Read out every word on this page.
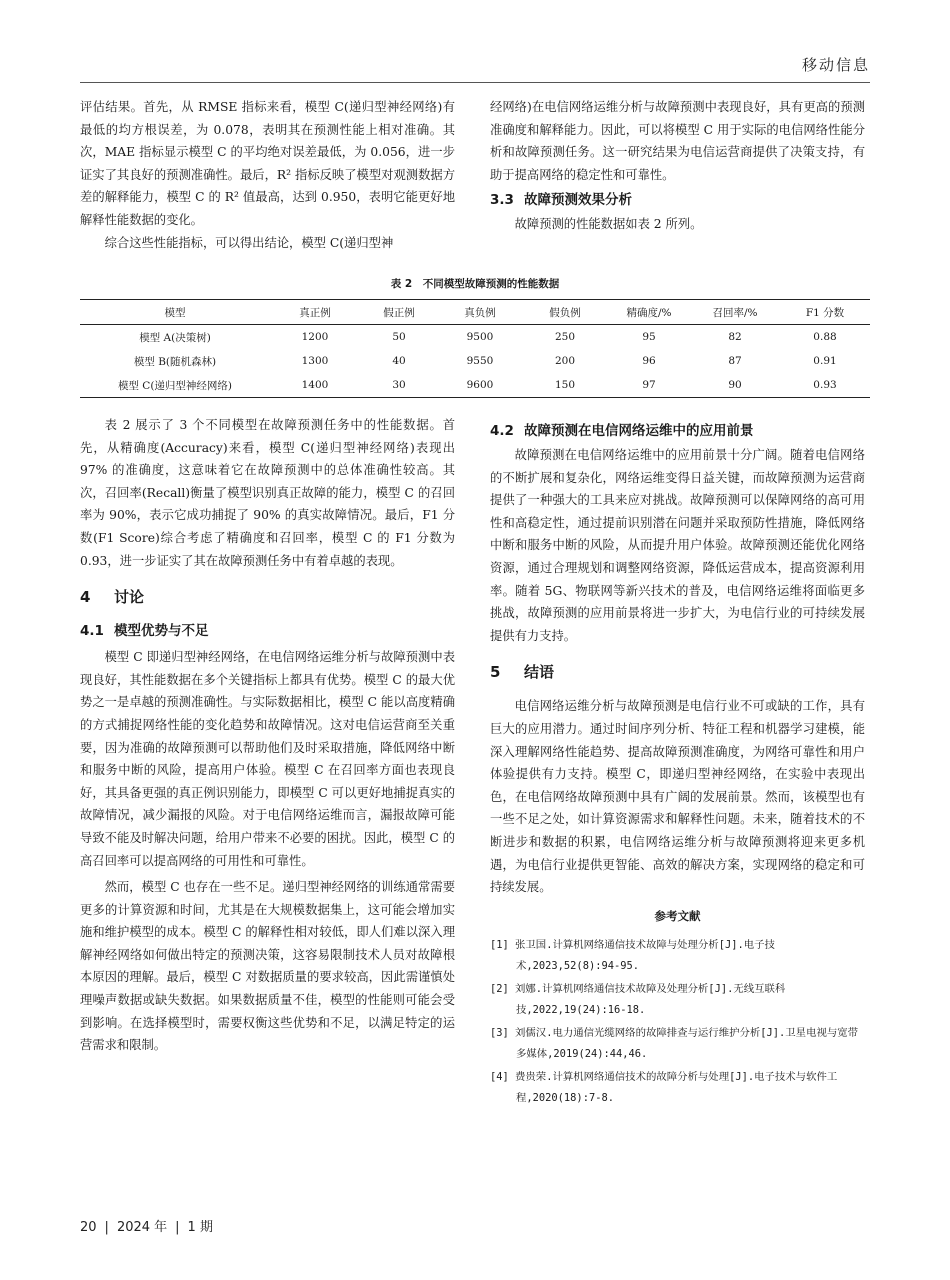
移动信息

评估结果。首先，从 RMSE 指标来看，模型 C(递归型神经网络)有最低的均方根误差，为 0.078，表明其在预测性能上相对准确。其次，MAE 指标显示模型 C 的平均绝对误差最低，为 0.056，进一步证实了其良好的预测准确性。最后，R² 指标反映了模型对观测数据方差的解释能力，模型 C 的 R² 值最高，达到 0.950，表明它能更好地解释性能数据的变化。

综合这些性能指标，可以得出结论，模型 C(递归型神

经网络)在电信网络运维分析与故障预测中表现良好，具有更高的预测准确度和解释能力。因此，可以将模型 C 用于实际的电信网络性能分析和故障预测任务。这一研究结果为电信运营商提供了决策支持，有助于提高网络的稳定性和可靠性。

3.3 故障预测效果分析

故障预测的性能数据如表 2 所列。

表 2　不同模型故障预测的性能数据
模型	真正例	假正例	真负例	假负例	精确度/%	召回率/%	F1 分数
模型 A(决策树)	1200	50	9500	250	95	82	0.88
模型 B(随机森林)	1300	40	9550	200	96	87	0.91
模型 C(递归型神经网络)	1400	30	9600	150	97	90	0.93

表 2 展示了 3 个不同模型在故障预测任务中的性能数据。首先，从精确度(Accuracy)来看，模型 C(递归型神经网络)表现出 97% 的准确度，这意味着它在故障预测中的总体准确性较高。其次，召回率(Recall)衡量了模型识别真正故障的能力，模型 C 的召回率为 90%，表示它成功捕捉了 90% 的真实故障情况。最后，F1 分数(F1 Score)综合考虑了精确度和召回率，模型 C 的 F1 分数为 0.93，进一步证实了其在故障预测任务中有着卓越的表现。

4 讨论
4.1 模型优势与不足

模型 C 即递归型神经网络，在电信网络运维分析与故障预测中表现良好，其性能数据在多个关键指标上都具有优势。模型 C 的最大优势之一是卓越的预测准确性。与实际数据相比，模型 C 能以高度精确的方式捕捉网络性能的变化趋势和故障情况。这对电信运营商至关重要，因为准确的故障预测可以帮助他们及时采取措施，降低网络中断和服务中断的风险，提高用户体验。模型 C 在召回率方面也表现良好，其具备更强的真正例识别能力，即模型 C 可以更好地捕捉真实的故障情况，减少漏报的风险。对于电信网络运维而言，漏报故障可能导致不能及时解决问题，给用户带来不必要的困扰。因此，模型 C 的高召回率可以提高网络的可用性和可靠性。

然而，模型 C 也存在一些不足。递归型神经网络的训练通常需要更多的计算资源和时间，尤其是在大规模数据集上，这可能会增加实施和维护模型的成本。模型 C 的解释性相对较低，即人们难以深入理解神经网络如何做出特定的预测决策，这容易限制技术人员对故障根本原因的理解。最后，模型 C 对数据质量的要求较高，因此需谨慎处理噪声数据或缺失数据。如果数据质量不佳，模型的性能则可能会受到影响。在选择模型时，需要权衡这些优势和不足，以满足特定的运营需求和限制。

4.2 故障预测在电信网络运维中的应用前景

故障预测在电信网络运维中的应用前景十分广阔。随着电信网络的不断扩展和复杂化，网络运维变得日益关键，而故障预测为运营商提供了一种强大的工具来应对挑战。故障预测可以保障网络的高可用性和高稳定性，通过提前识别潜在问题并采取预防性措施，降低网络中断和服务中断的风险，从而提升用户体验。故障预测还能优化网络资源，通过合理规划和调整网络资源，降低运营成本，提高资源利用率。随着 5G、物联网等新兴技术的普及，电信网络运维将面临更多挑战，故障预测的应用前景将进一步扩大，为电信行业的可持续发展提供有力支持。

5 结语

电信网络运维分析与故障预测是电信行业不可或缺的工作，具有巨大的应用潜力。通过时间序列分析、特征工程和机器学习建模，能深入理解网络性能趋势、提高故障预测准确度，为网络可靠性和用户体验提供有力支持。模型 C，即递归型神经网络，在实验中表现出色，在电信网络故障预测中具有广阔的发展前景。然而，该模型也有一些不足之处，如计算资源需求和解释性问题。未来，随着技术的不断进步和数据的积累，电信网络运维分析与故障预测将迎来更多机遇，为电信行业提供更智能、高效的解决方案，实现网络的稳定和可持续发展。

参考文献
[1] 张卫国.计算机网络通信技术故障与处理分析[J].电子技术,2023,52(8):94-95.
[2] 刘娜.计算机网络通信技术故障及处理分析[J].无线互联科技,2022,19(24):16-18.
[3] 刘儒汉.电力通信光缆网络的故障排查与运行维护分析[J].卫星电视与宽带多媒体,2019(24):44,46.
[4] 费贵荣.计算机网络通信技术的故障分析与处理[J].电子技术与软件工程,2020(18):7-8.
20 | 2024 年 | 1 期
